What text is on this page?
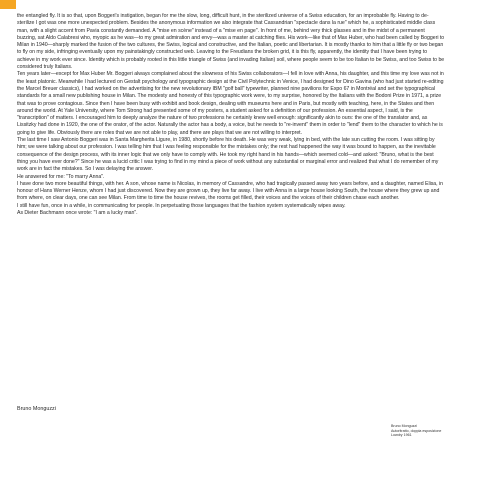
the entangled fly. It is so that, upon Boggeri's instigation, began for me the slow, long, difficult hunt, in the sterilized universe of a Swiss education, for an improbable fly. Having to de-sterilize I got was one more unexpected problem. Besides the anonymous information we also integrate that Cassandrian "spectacle dans la rue" which he, a sophisticated middle class man, with a slight accent from Pavia constantly demanded. A "mise en scène" instead of a "mise en page". In front of me, behind very thick glasses and in the midst of a permanent buzzing, sat Aldo Calabresi who, myopic as he was—to my great admiration and envy—was a master at catching flies. His work—like that of Max Huber, who had been called by Boggeri to Milan in 1940—sharply marked the fusion of the two cultures, the Swiss, logical and constructive, and the Italian, poetic and libertarian. It is mostly thanks to him that a little fly or two began to fly on my side, infringing eventually upon my painstakingly constructed web. Leaving to the Freudians the broken grid, it is this fly, apparently, the identity that I have been trying to achieve in my work ever since. Identity which is probably rooted in this little triangle of Swiss (and invading Italian) soil, where people seem to be too Italian to be Swiss, and too Swiss to be considered truly Italians.

Ten years later—except for Max Huber Mr. Boggeri always complained about the slowness of his Swiss collaborators—I fell in love with Anna, his daughter, and this time my love was not in the least platonic. Meanwhile I had lectured on Gestalt psychology and typographic design at the Civil Polytechnic in Venice, I had designed for Dino Gavina (who had just started re-editing the Marcel Breuer classics), I had worked on the advertising for the new revolutionary IBM "golf ball" typewriter, planned nine pavilions for Expo 67 in Montréal and set the typographical standards for a small new publishing house in Milan. The modesty and honesty of this typographic work were, to my surprise, honored by the Italians with the Bodoni Prize in 1971, a prize that was to prove contagious. Since then I have been busy with exhibit and book design, dealing with museums here and in Paris, but mostly with teaching, here, in the States and then around the world. At Yale University, where Tom Strong had presented some of my posters, a student asked for a definition of our profession. An essential aspect, I said, is the "transcription" of matters. I encouraged him to deeply analyze the nature of two professions he certainly knew well enough: significantly akin to ours: the one of the translator and, as Lissitzky had done in 1920, the one of the orator, of the actor. Naturally the actor has a body, a voice, but he needs to "re-invent" them in order to "lend" them to the character to which he is going to give life. Obviously there are roles that we are not able to play, and there are plays that we are not willing to interpret.

The last time I saw Antonio Boggeri was in Santa Margherita Ligure, in 1980, shortly before his death. He was very weak, lying in bed, with the late sun cutting the room. I was sitting by him; we were talking about our profession. I was telling him that I was feeling responsible for the mistakes only; the rest had happened the way it was bound to happen, as the inevitable consequence of the design process, with its inner logic that we only have to comply with. He took my right hand in his hands—which seemed cold—and asked: "Bruno, what is the best thing you have ever done?" Since he was a lucid critic I was trying to find in my mind a piece of work without any substantial or marginal error and realized that what I do remember of my work are in fact the mistakes. So I was delaying the answer.

He answered for me: "To marry Anna".

I have done two more beautiful things, with her. A son, whose name is Nicolas, in memory of Cassandre, who had tragically passed away two years before, and a daughter, named Elisa, in honour of Hans Werner Henze, whom I had just discovered. Now they are grown up, they live far away. I live with Anna in a large house looking South, the house where they grew up and from where, on clear days, one can see Milan. From time to time the house revives, the rooms get filled, their voices and the voices of their children chase each another.

I still have fun, once in a while, in communicating for people. In perpetuating those languages that the fashion system systematically wipes away.

As Dieter Bachmann once wrote: "I am a lucky man".

Bruno Monguzzi
Bruno Monguzzi
Autoritratto, doppia esposizione
Lowdry 1961
